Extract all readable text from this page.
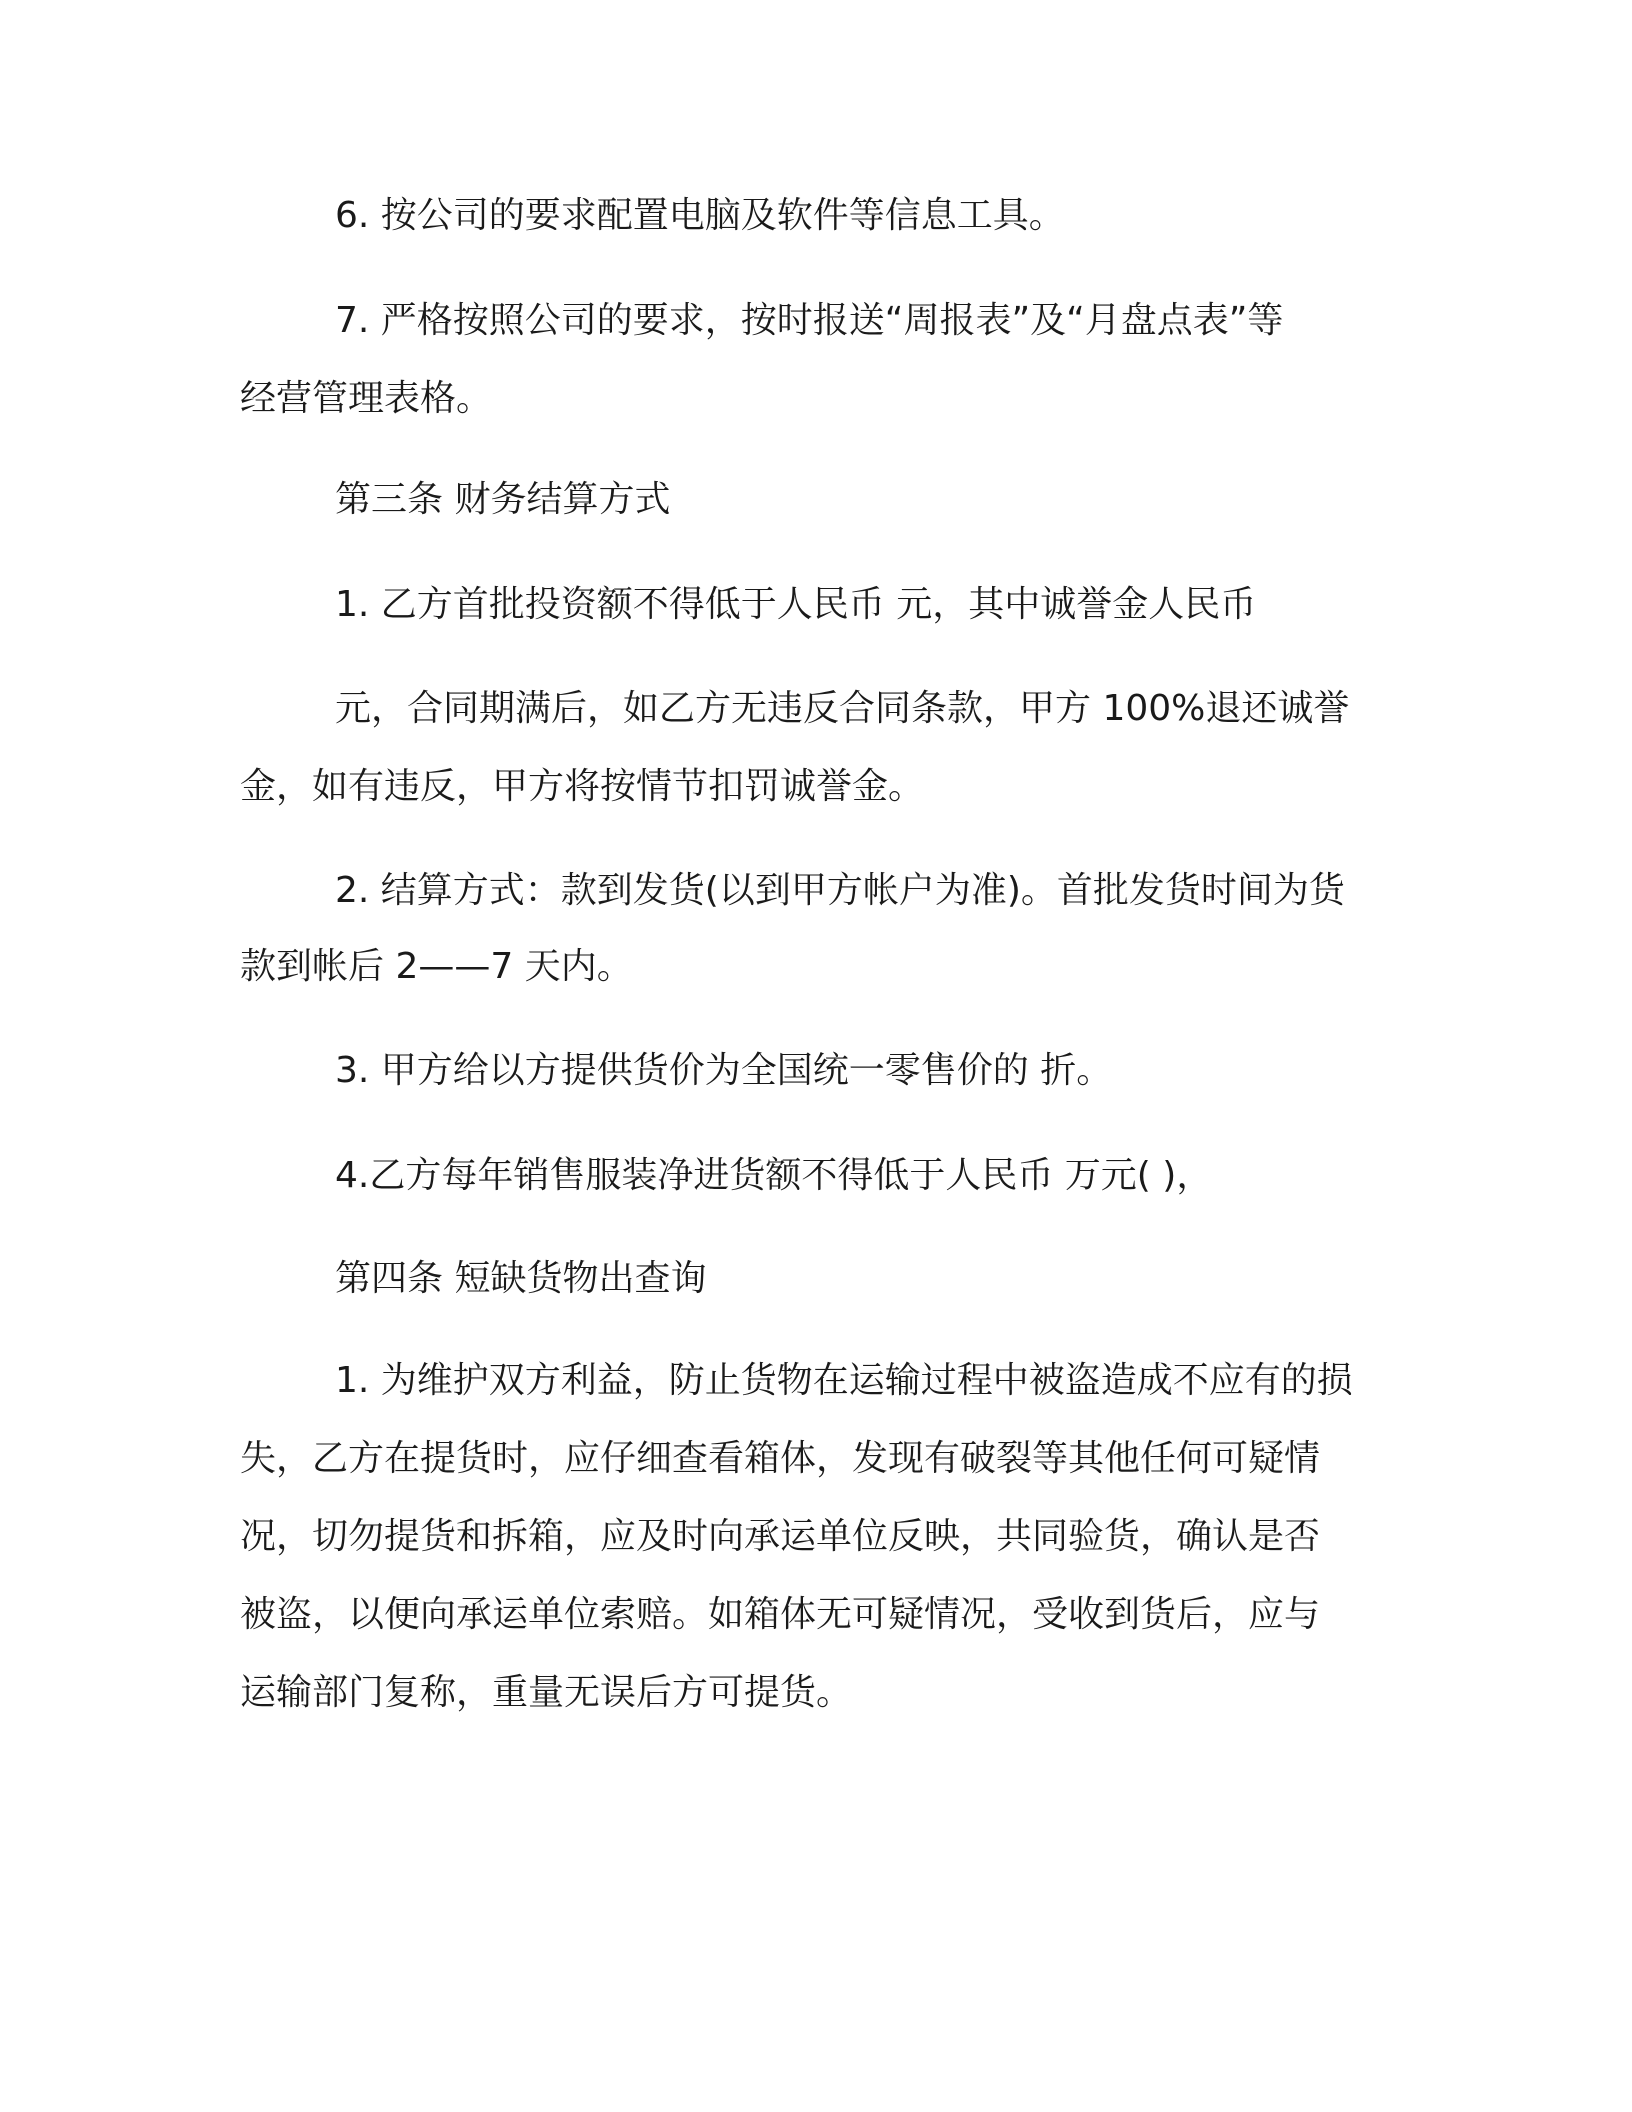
6. 按公司的要求配置电脑及软件等信息工具。
7. 严格按照公司的要求，按时报送“周报表”及“月盘点表”等
经营管理表格。
第三条 财务结算方式
1. 乙方首批投资额不得低于人民币 元，其中诚誉金人民币
元，合同期满后，如乙方无违反合同条款，甲方 100%退还诚誉
金，如有违反，甲方将按情节扣罚诚誉金。
2. 结算方式：款到发货(以到甲方帐户为准)。首批发货时间为货
款到帐后 2——7 天内。
3. 甲方给以方提供货价为全国统一零售价的 折。
4.乙方每年销售服装净进货额不得低于人民币 万元( )，
第四条 短缺货物出查询
1. 为维护双方利益，防止货物在运输过程中被盗造成不应有的损
失，乙方在提货时，应仔细查看箱体，发现有破裂等其他任何可疑情
况，切勿提货和拆箱，应及时向承运单位反映，共同验货，确认是否
被盗，以便向承运单位索赔。如箱体无可疑情况，受收到货后，应与
运输部门复称，重量无误后方可提货。
